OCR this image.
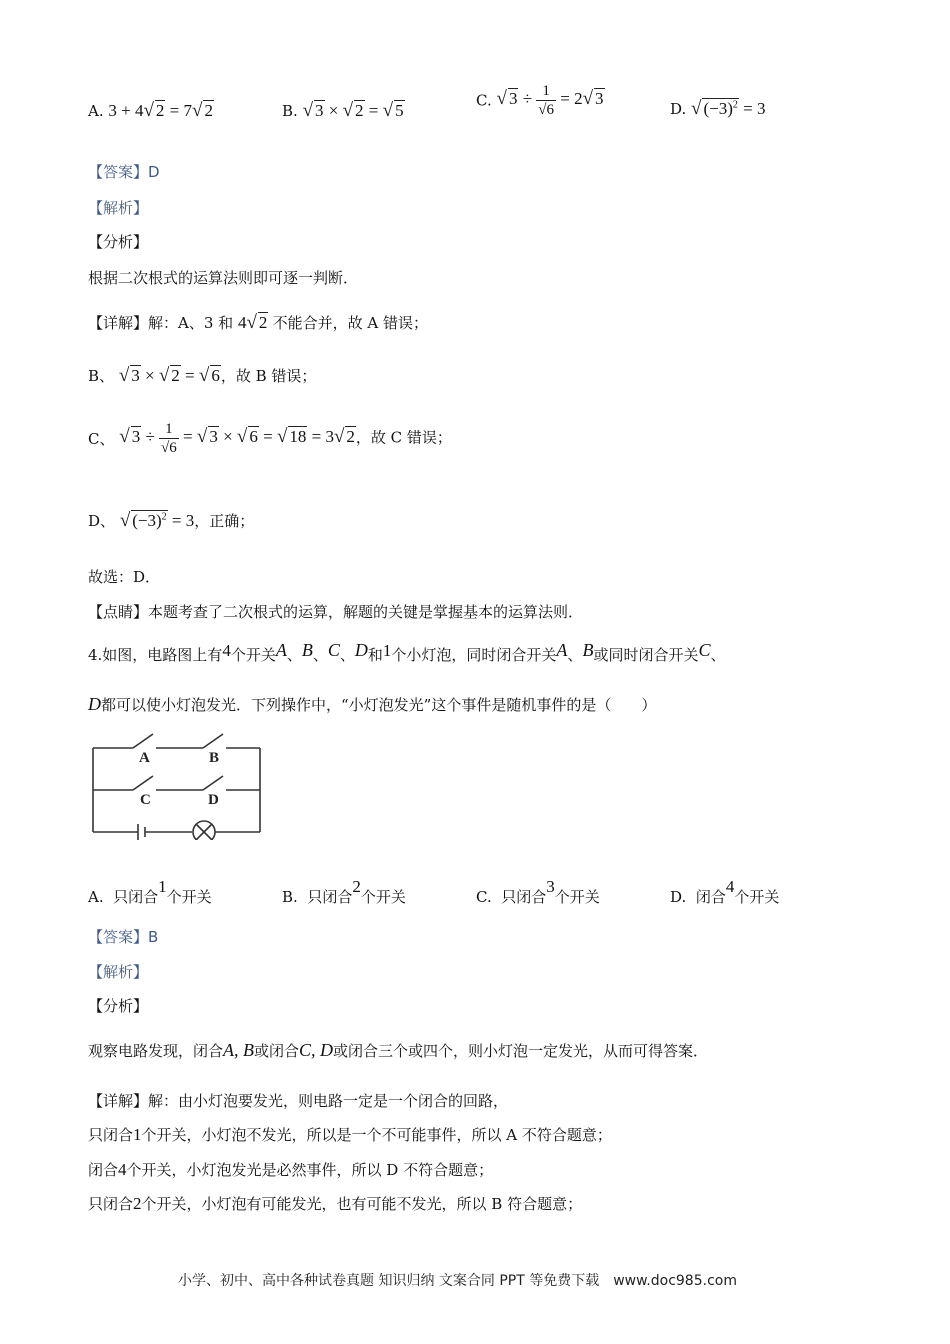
A. 3 + 4√ 2 = 7√ 2	B. √ 3 × √ 2 = √ 5
C. √ $3 \div \frac{1}{√6} = 2√$ 3
D. √ $(-3)^2 = 3$
【答案】D
【解析】
【分析】
根据二次根式的运算法则即可逐一判断．
【详解】解：A、3 和 4√ 2 不能合并，故 A 错误；
B、 √ 3 × √ 2 = √ 6，故 B 错误；
C、 √ $3 \div \frac{1}{√6}$ = √ 3 × √ 6 = √ 18 = 3√ 2，故 C 错误；
D、 √ $(-3)^2 = 3$，正确；
故选：D．
【点睛】本题考查了二次根式的运算，解题的关键是掌握基本的运算法则．
4.如图，电路图上有4个开关A、B、C、D和1个小灯泡，同时闭合开关A、B或同时闭合开关C、
D都可以使小灯泡发光．下列操作中，“小灯泡发光”这个事件是随机事件的是（　　）
A	B
C	D
A. 只闭合1个开关	B. 只闭合2个开关	C. 只闭合3个开关	D. 闭合4个开关
【答案】B
【解析】
【分析】
观察电路发现，闭合A, B或闭合C, D或闭合三个或四个，则小灯泡一定发光，从而可得答案．
【详解】解：由小灯泡要发光，则电路一定是一个闭合的回路，
只闭合1个开关，小灯泡不发光，所以是一个不可能事件，所以 A 不符合题意；
闭合4个开关，小灯泡发光是必然事件，所以 D 不符合题意；
只闭合2个开关，小灯泡有可能发光，也有可能不发光，所以 B 符合题意；
小学、初中、高中各种试卷真题 知识归纳 文案合同 PPT 等免费下载　www.doc985.com
